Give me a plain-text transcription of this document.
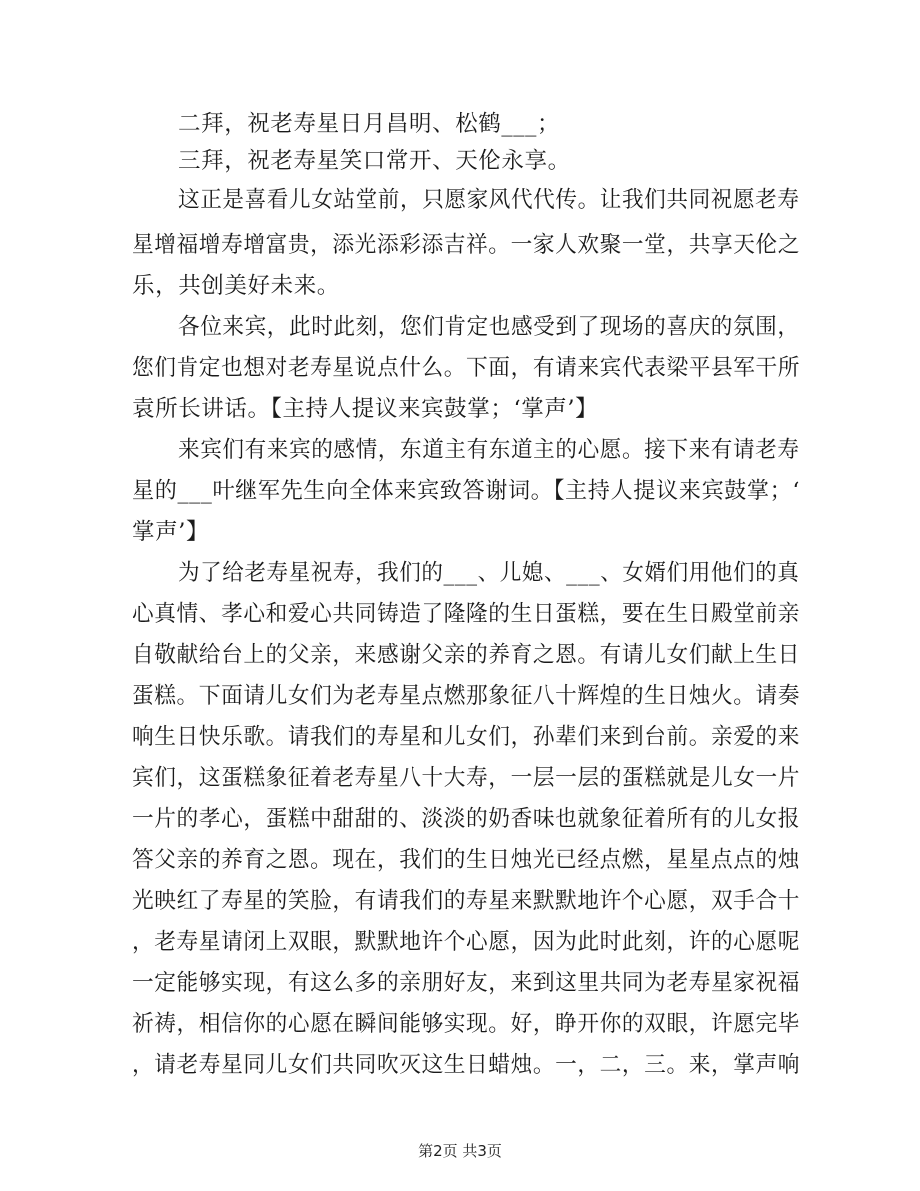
二拜，祝老寿星日月昌明、松鹤___；
三拜，祝老寿星笑口常开、天伦永享。
这正是喜看儿女站堂前，只愿家风代代传。让我们共同祝愿老寿
星增福增寿增富贵，添光添彩添吉祥。一家人欢聚一堂，共享天伦之
乐，共创美好未来。
各位来宾，此时此刻，您们肯定也感受到了现场的喜庆的氛围，
您们肯定也想对老寿星说点什么。下面，有请来宾代表梁平县军干所
袁所长讲话。【主持人提议来宾鼓掌；‘掌声’】
来宾们有来宾的感情，东道主有东道主的心愿。接下来有请老寿
星的___叶继军先生向全体来宾致答谢词。【主持人提议来宾鼓掌；‘
掌声’】
为了给老寿星祝寿，我们的___、儿媳、___、女婿们用他们的真
心真情、孝心和爱心共同铸造了隆隆的生日蛋糕，要在生日殿堂前亲
自敬献给台上的父亲，来感谢父亲的养育之恩。有请儿女们献上生日
蛋糕。下面请儿女们为老寿星点燃那象征八十辉煌的生日烛火。请奏
响生日快乐歌。请我们的寿星和儿女们，孙辈们来到台前。亲爱的来
宾们，这蛋糕象征着老寿星八十大寿，一层一层的蛋糕就是儿女一片
一片的孝心，蛋糕中甜甜的、淡淡的奶香味也就象征着所有的儿女报
答父亲的养育之恩。现在，我们的生日烛光已经点燃，星星点点的烛
光映红了寿星的笑脸，有请我们的寿星来默默地许个心愿，双手合十
，老寿星请闭上双眼，默默地许个心愿，因为此时此刻，许的心愿呢
一定能够实现，有这么多的亲朋好友，来到这里共同为老寿星家祝福
祈祷，相信你的心愿在瞬间能够实现。好，睁开你的双眼，许愿完毕
，请老寿星同儿女们共同吹灭这生日蜡烛。一，二，三。来，掌声响
第2页 共3页
